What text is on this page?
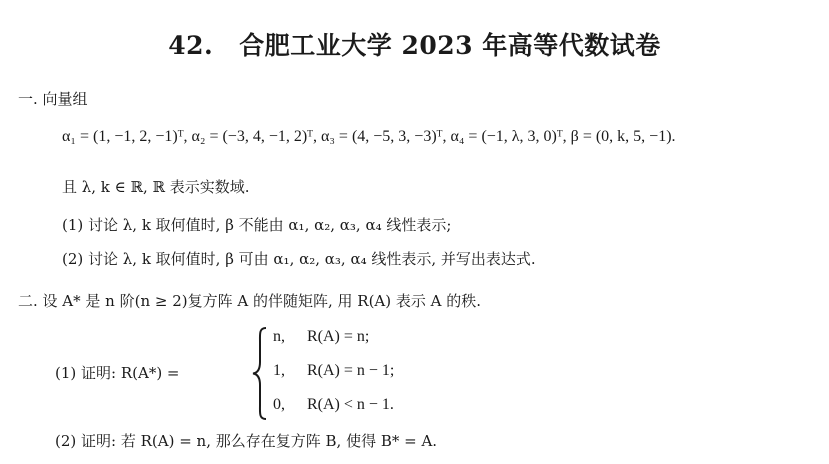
42. 合肥工业大学 2023 年高等代数试卷
一. 向量组
α₁ = (1, −1, 2, −1)ᵀ, α₂ = (−3, 4, −1, 2)ᵀ, α₃ = (4, −5, 3, −3)ᵀ, α₄ = (−1, λ, 3, 0)ᵀ, β = (0, k, 5, −1).
且 λ, k ∈ ℝ, ℝ 表示实数域.
(1) 讨论 λ, k 取何值时, β 不能由 α₁, α₂, α₃, α₄ 线性表示;
(2) 讨论 λ, k 取何值时, β 可由 α₁, α₂, α₃, α₄ 线性表示, 并写出表达式.
二. 设 A* 是 n 阶(n ≥ 2)复方阵 A 的伴随矩阵, 用 R(A) 表示 A 的秩.
(1) 证明: R(A*) =
n, R(A) = n;
1, R(A) = n − 1;
0, R(A) < n − 1.
(2) 证明: 若 R(A) = n, 那么存在复方阵 B, 使得 B* = A.
